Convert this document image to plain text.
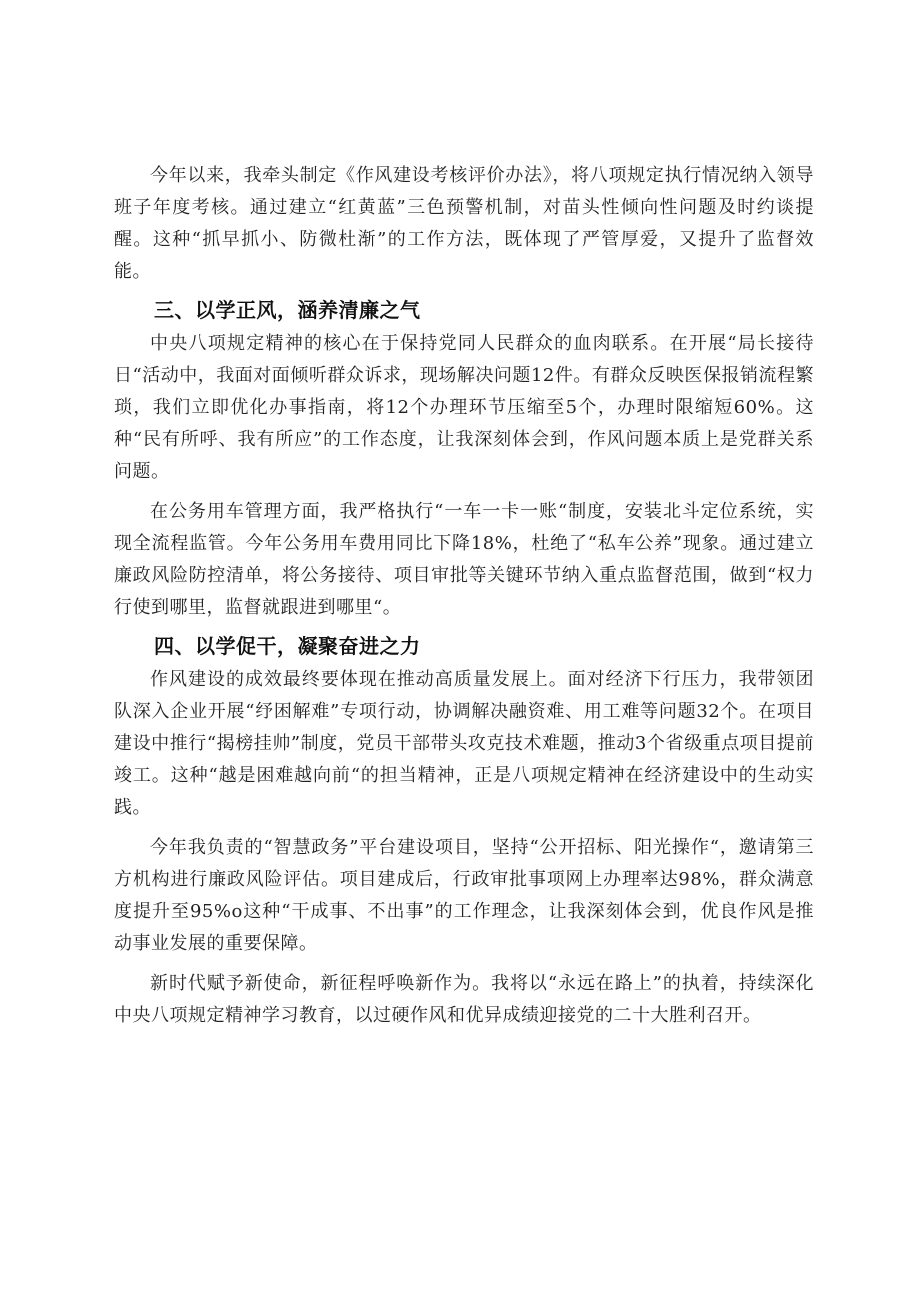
今年以来，我牵头制定《作风建设考核评价办法》，将八项规定执行情况纳入领导班子年度考核。通过建立“红黄蓝”三色预警机制，对苗头性倾向性问题及时约谈提醒。这种“抓早抓小、防微杜渐”的工作方法，既体现了严管厚爱，又提升了监督效能。

三、以学正风，涵养清廉之气

中央八项规定精神的核心在于保持党同人民群众的血肉联系。在开展“局长接待日“活动中，我面对面倾听群众诉求，现场解决问题12件。有群众反映医保报销流程繁琐，我们立即优化办事指南，将12个办理环节压缩至5个，办理时限缩短60%。这种“民有所呼、我有所应”的工作态度，让我深刻体会到，作风问题本质上是党群关系问题。

在公务用车管理方面，我严格执行“一车一卡一账“制度，安装北斗定位系统，实现全流程监管。今年公务用车费用同比下降18%，杜绝了“私车公养”现象。通过建立廉政风险防控清单，将公务接待、项目审批等关键环节纳入重点监督范围，做到“权力行使到哪里，监督就跟进到哪里“。

四、以学促干，凝聚奋进之力

作风建设的成效最终要体现在推动高质量发展上。面对经济下行压力，我带领团队深入企业开展“纾困解难”专项行动，协调解决融资难、用工难等问题32个。在项目建设中推行“揭榜挂帅”制度，党员干部带头攻克技术难题，推动3个省级重点项目提前竣工。这种“越是困难越向前“的担当精神，正是八项规定精神在经济建设中的生动实践。

今年我负责的“智慧政务”平台建设项目，坚持“公开招标、阳光操作“，邀请第三方机构进行廉政风险评估。项目建成后，行政审批事项网上办理率达98%，群众满意度提升至95%o这种“干成事、不出事”的工作理念，让我深刻体会到，优良作风是推动事业发展的重要保障。

新时代赋予新使命，新征程呼唤新作为。我将以“永远在路上”的执着，持续深化中央八项规定精神学习教育，以过硬作风和优异成绩迎接党的二十大胜利召开。
